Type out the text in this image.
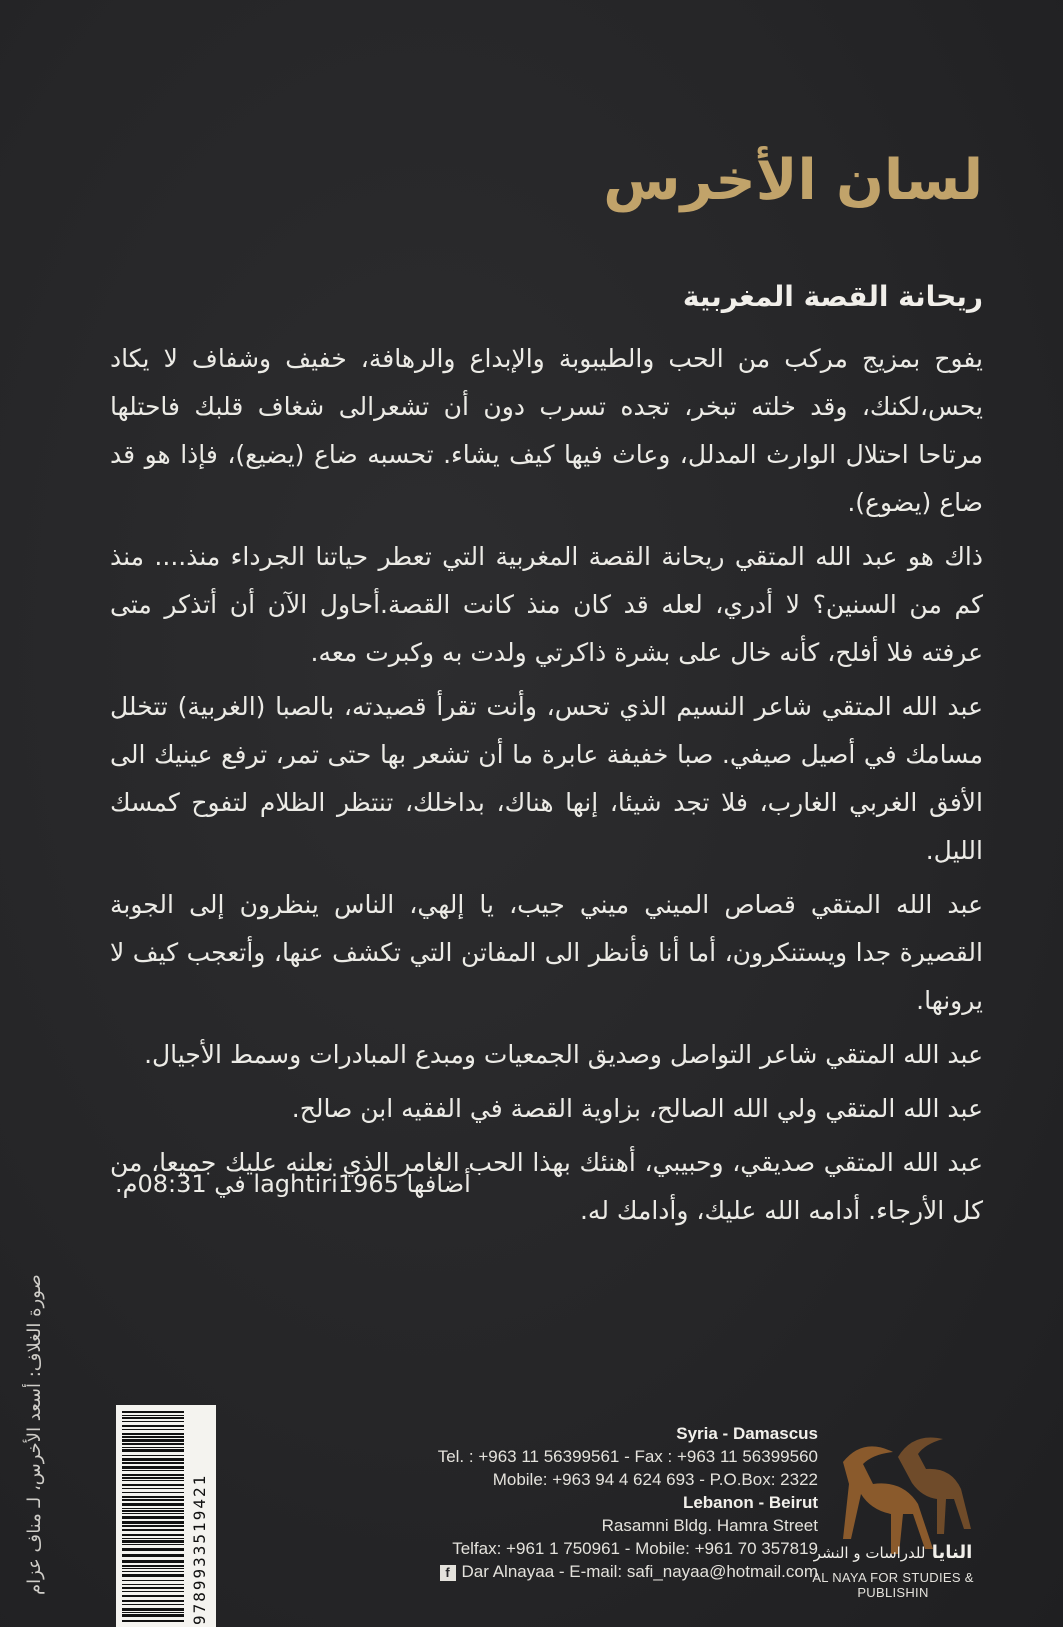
لسان الأخرس
ريحانة القصة المغربية

يفوح بمزيج مركب من الحب والطيبوبة والإبداع والرهافة، خفيف وشفاف لا يكاد يحس،لكنك، وقد خلته تبخر، تجده تسرب دون أن تشعرالى شغاف قلبك فاحتلها مرتاحا احتلال الوارث المدلل، وعاث فيها كيف يشاء. تحسبه ضاع (يضيع)، فإذا هو قد ضاع (يضوع).

ذاك هو عبد الله المتقي ريحانة القصة المغربية التي تعطر حياتنا الجرداء منذ.... منذ كم من السنين؟ لا أدري، لعله قد كان منذ كانت القصة.أحاول الآن أن أتذكر متى عرفته فلا أفلح، كأنه خال على بشرة ذاكرتي ولدت به وكبرت معه.

عبد الله المتقي شاعر النسيم الذي تحس، وأنت تقرأ قصيدته، بالصبا (الغربية) تتخلل مسامك في أصيل صيفي. صبا خفيفة عابرة ما أن تشعر بها حتى تمر، ترفع عينيك الى الأفق الغربي الغارب، فلا تجد شيئا، إنها هناك، بداخلك، تنتظر الظلام لتفوح كمسك الليل.

عبد الله المتقي قصاص الميني ميني جيب، يا إلهي، الناس ينظرون إلى الجوبة القصيرة جدا ويستنكرون، أما أنا فأنظر الى المفاتن التي تكشف عنها، وأتعجب كيف لا يرونها.

عبد الله المتقي شاعر التواصل وصديق الجمعيات ومبدع المبادرات وسمط الأجيال.

عبد الله المتقي ولي الله الصالح، بزاوية القصة في الفقيه ابن صالح.

عبد الله المتقي صديقي، وحبيبي، أهنئك بهذا الحب الغامر الذي نعلنه عليك جميعا، من كل الأرجاء. أدامه الله عليك، وأدامك له.

أضافها laghtiri1965 في 08:31م.
صورة الغلاف: أسعد الأخرس، لـ مناف عزام	9789933519421
Syria - Damascus
Tel. : +963 11 56399561 - Fax : +963 11 56399560
Mobile: +963 94 4 624 693 - P.O.Box: 2322
Lebanon - Beirut
Rasamni Bldg. Hamra Street
Telfax: +961 1 750961 - Mobile: +961 70 357819
f Dar Alnayaa - E-mail: safi_nayaa@hotmail.com
النايا للدراسات و النشر
AL NAYA FOR STUDIES & PUBLISHIN
